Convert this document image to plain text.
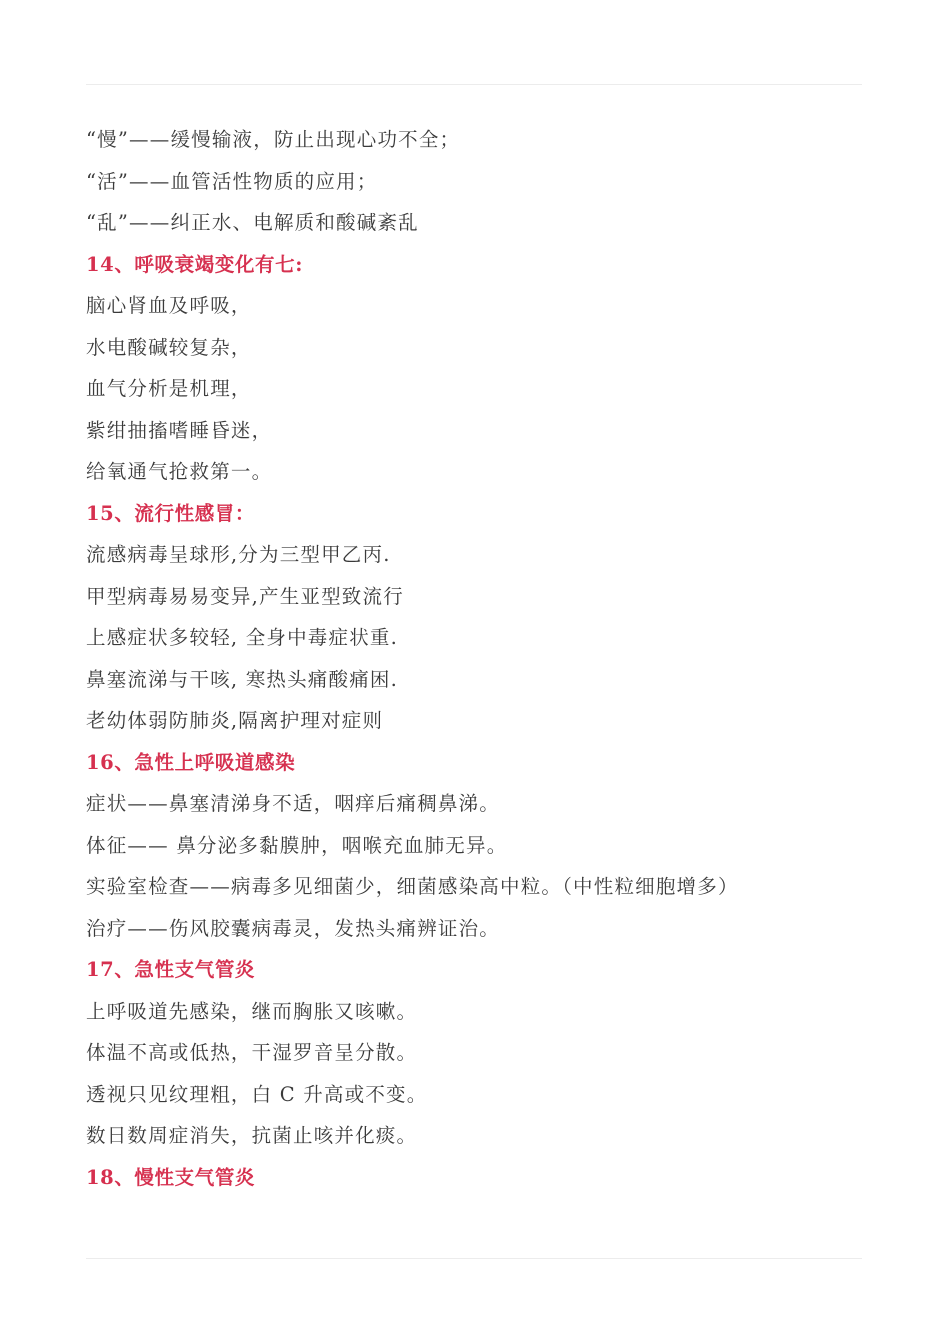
“慢”——缓慢输液，防止出现心功不全；
“活”——血管活性物质的应用；
“乱”——纠正水、电解质和酸碱紊乱
14、呼吸衰竭变化有七:
脑心肾血及呼吸，
水电酸碱较复杂，
血气分析是机理，
紫绀抽搐嗜睡昏迷，
给氧通气抢救第一。
15、流行性感冒：
流感病毒呈球形,分为三型甲乙丙.
甲型病毒易易变异,产生亚型致流行
上感症状多较轻, 全身中毒症状重.
鼻塞流涕与干咳, 寒热头痛酸痛困.
老幼体弱防肺炎,隔离护理对症则
16、急性上呼吸道感染
症状——鼻塞清涕身不适，咽痒后痛稠鼻涕。
体征—— 鼻分泌多黏膜肿，咽喉充血肺无异。
实验室检查——病毒多见细菌少，细菌感染高中粒。（中性粒细胞增多）
治疗——伤风胶囊病毒灵，发热头痛辨证治。
17、急性支气管炎
上呼吸道先感染，继而胸胀又咳嗽。
体温不高或低热，干湿罗音呈分散。
透视只见纹理粗，白 C 升高或不变。
数日数周症消失，抗菌止咳并化痰。
18、慢性支气管炎
